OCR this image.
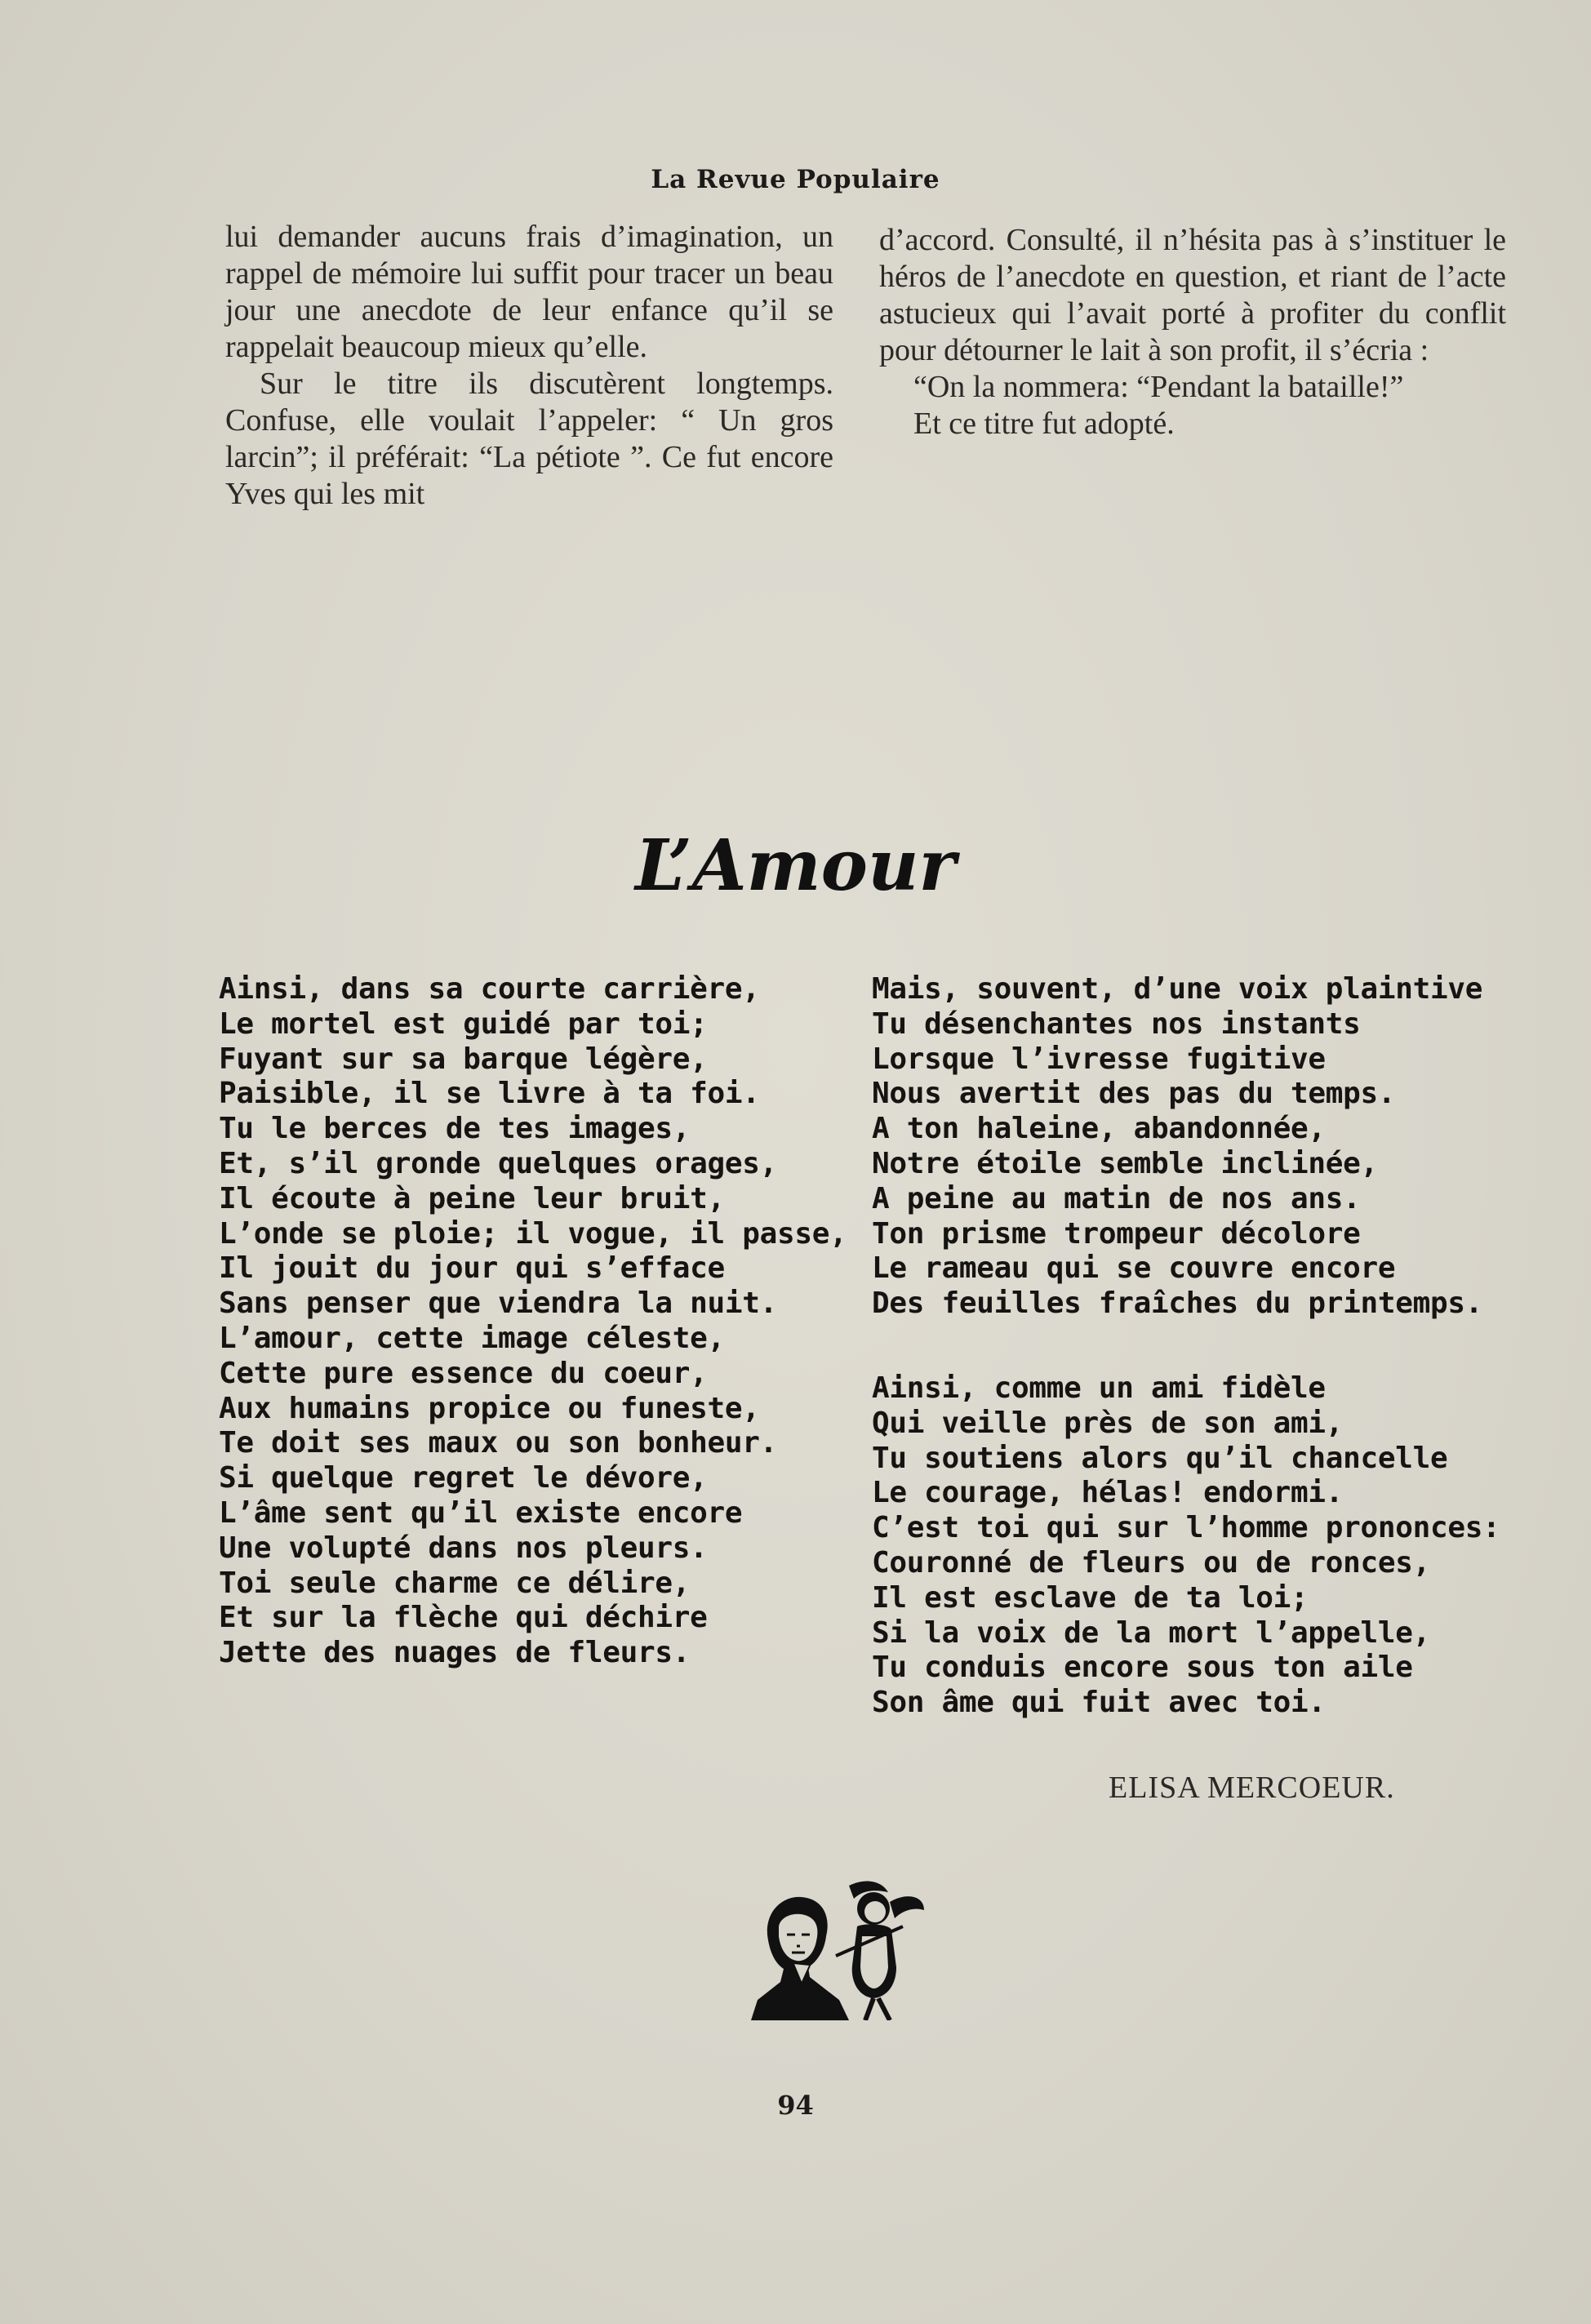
La Revue Populaire

lui demander aucuns frais d’imagination, un rappel de mémoire lui suffit pour tracer un beau jour une anecdote de leur enfance qu’il se rappelait beaucoup mieux qu’elle.

Sur le titre ils discutèrent longtemps. Confuse, elle voulait l’appeler: “ Un gros larcin”; il préférait: “La pétiote ”. Ce fut encore Yves qui les mit

d’accord. Consulté, il n’hésita pas à s’instituer le héros de l’anecdote en question, et riant de l’acte astucieux qui l’avait porté à profiter du conflit pour détourner le lait à son profit, il s’écria :

“On la nommera: “Pendant la bataille!”

Et ce titre fut adopté.

L’Amour
Ainsi, dans sa courte carrière,
Le mortel est guidé par toi;
Fuyant sur sa barque légère,
Paisible, il se livre à ta foi.
Tu le berces de tes images,
Et, s’il gronde quelques orages,
Il écoute à peine leur bruit,
L’onde se ploie; il vogue, il passe,
Il jouit du jour qui s’efface
Sans penser que viendra la nuit.
L’amour, cette image céleste,
Cette pure essence du coeur,
Aux humains propice ou funeste,
Te doit ses maux ou son bonheur.
Si quelque regret le dévore,
L’âme sent qu’il existe encore
Une volupté dans nos pleurs.
Toi seule charme ce délire,
Et sur la flèche qui déchire
Jette des nuages de fleurs.
Mais, souvent, d’une voix plaintive
Tu désenchantes nos instants
Lorsque l’ivresse fugitive
Nous avertit des pas du temps.
A ton haleine, abandonnée,
Notre étoile semble inclinée,
A peine au matin de nos ans.
Ton prisme trompeur décolore
Le rameau qui se couvre encore
Des feuilles fraîches du printemps.
Ainsi, comme un ami fidèle
Qui veille près de son ami,
Tu soutiens alors qu’il chancelle
Le courage, hélas! endormi.
C’est toi qui sur l’homme prononces:
Couronné de fleurs ou de ronces,
Il est esclave de ta loi;
Si la voix de la mort l’appelle,
Tu conduis encore sous ton aile
Son âme qui fuit avec toi.
ELISA MERCOEUR.
94
